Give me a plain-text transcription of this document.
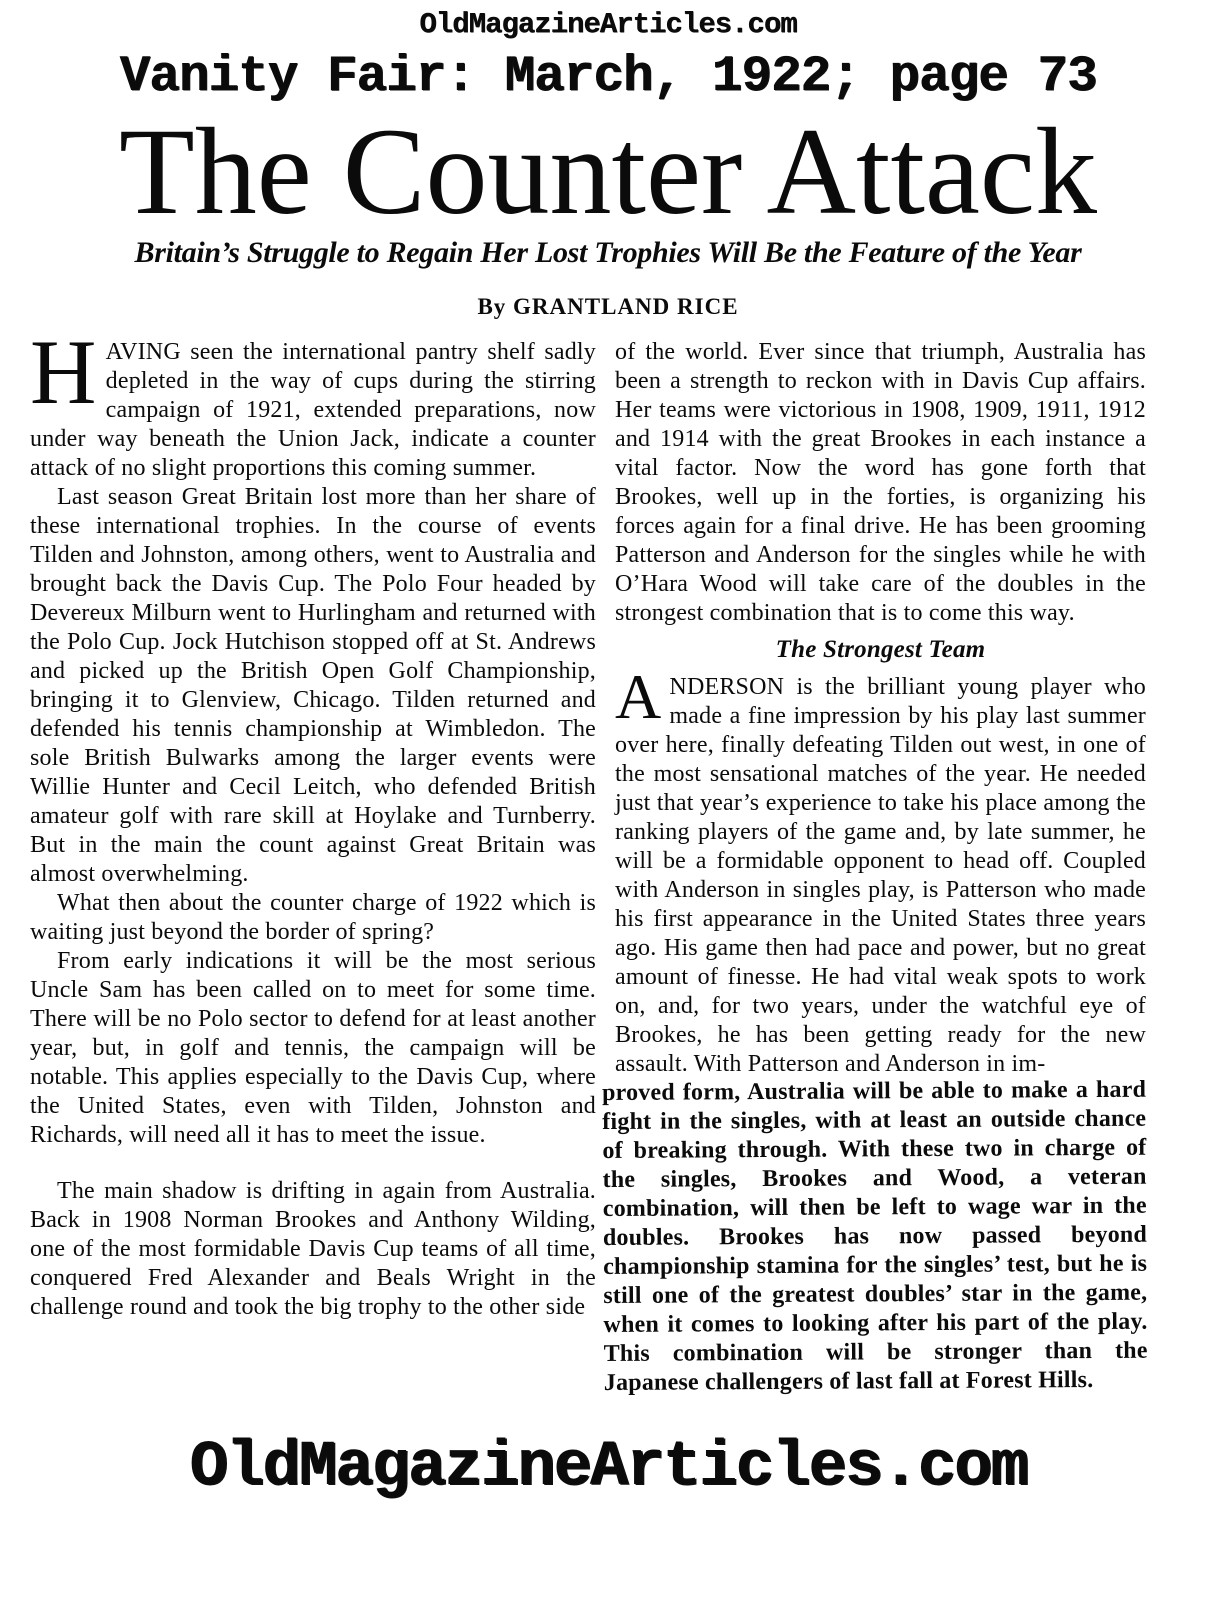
OldMagazineArticles.com
Vanity Fair: March, 1922; page 73
The Counter Attack
Britain’s Struggle to Regain Her Lost Trophies Will Be the Feature of the Year
By GRANTLAND RICE

HAVING seen the international pantry shelf sadly depleted in the way of cups during the stirring campaign of 1921, extended preparations, now under way beneath the Union Jack, indicate a counter attack of no slight proportions this coming summer.

Last season Great Britain lost more than her share of these international trophies. In the course of events Tilden and Johnston, among others, went to Australia and brought back the Davis Cup. The Polo Four headed by Devereux Milburn went to Hurlingham and returned with the Polo Cup. Jock Hutchison stopped off at St. Andrews and picked up the British Open Golf Championship, bringing it to Glenview, Chicago. Tilden returned and defended his tennis championship at Wimbledon. The sole British Bulwarks among the larger events were Willie Hunter and Cecil Leitch, who defended British amateur golf with rare skill at Hoylake and Turnberry. But in the main the count against Great Britain was almost overwhelming.

What then about the counter charge of 1922 which is waiting just beyond the border of spring?

From early indications it will be the most serious Uncle Sam has been called on to meet for some time. There will be no Polo sector to defend for at least another year, but, in golf and tennis, the campaign will be notable. This applies especially to the Davis Cup, where the United States, even with Tilden, Johnston and Richards, will need all it has to meet the issue.

The main shadow is drifting in again from Australia. Back in 1908 Norman Brookes and Anthony Wilding, one of the most formidable Davis Cup teams of all time, conquered Fred Alexander and Beals Wright in the challenge round and took the big trophy to the other side

of the world. Ever since that triumph, Australia has been a strength to reckon with in Davis Cup affairs. Her teams were victorious in 1908, 1909, 1911, 1912 and 1914 with the great Brookes in each instance a vital factor. Now the word has gone forth that Brookes, well up in the forties, is organizing his forces again for a final drive. He has been grooming Patterson and Anderson for the singles while he with O’Hara Wood will take care of the doubles in the strongest combination that is to come this way.

The Strongest Team

ANDERSON is the brilliant young player who made a fine impression by his play last summer over here, finally defeating Tilden out west, in one of the most sensational matches of the year. He needed just that year’s experience to take his place among the ranking players of the game and, by late summer, he will be a formidable opponent to head off. Coupled with Anderson in singles play, is Patterson who made his first appearance in the United States three years ago. His game then had pace and power, but no great amount of finesse. He had vital weak spots to work on, and, for two years, under the watchful eye of Brookes, he has been getting ready for the new assault. With Patterson and Anderson in im-

proved form, Australia will be able to make a hard fight in the singles, with at least an outside chance of breaking through. With these two in charge of the singles, Brookes and Wood, a veteran combination, will then be left to wage war in the doubles. Brookes has now passed beyond championship stamina for the singles’ test, but he is still one of the greatest doubles’ star in the game, when it comes to looking after his part of the play. This combination will be stronger than the Japanese challengers of last fall at Forest Hills.

OldMagazineArticles.com
